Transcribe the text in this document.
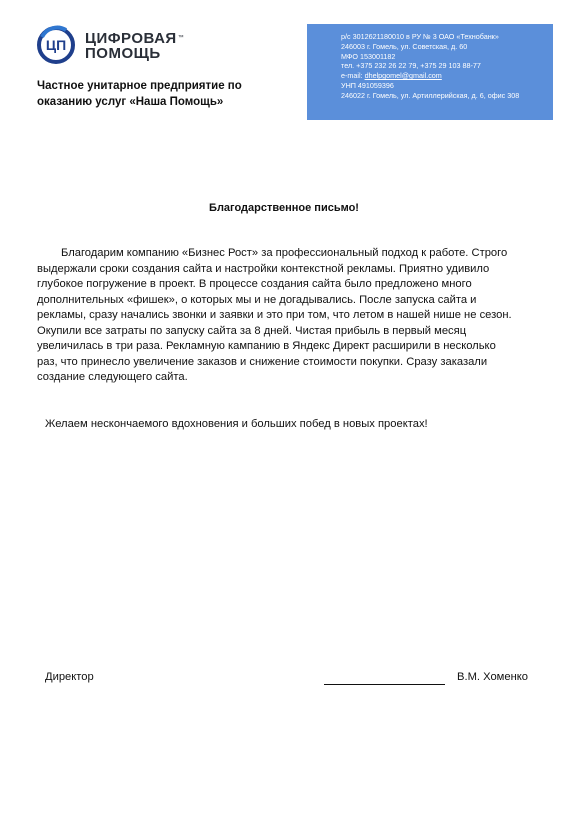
ЦП ЦИФРОВАЯ™
ПОМОЩЬ
Частное унитарное предприятие по
оказанию услуг «Наша Помощь»
р/с 3012621180010 в РУ № 3 ОАО «Технобанк»
246003 г. Гомель, ул. Советская, д. 60
МФО 153001182
тел. +375 232 26 22 79, +375 29 103 88-77
e-mail: dhelpgomel@gmail.com
УНП 491059396
246022 г. Гомель, ул. Артиллерийская, д. 6, офис 308
Благодарственное письмо!
Благодарим компанию «Бизнес Рост» за профессиональный подход к работе. Строго
выдержали сроки создания сайта и настройки контекстной рекламы. Приятно удивило
глубокое погружение в проект. В процессе создания сайта было предложено много
дополнительных «фишек», о которых мы и не догадывались. После запуска сайта и
рекламы, сразу начались звонки и заявки и это при том, что летом в нашей нише не сезон.
Окупили все затраты по запуску сайта за 8 дней. Чистая прибыль в первый месяц
увеличилась в три раза. Рекламную кампанию в Яндекс Директ расширили в несколько
раз, что принесло увеличение заказов и снижение стоимости покупки. Сразу заказали
создание следующего сайта.
Желаем нескончаемого вдохновения и больших побед в новых проектах!
Директор	В.М. Хоменко
